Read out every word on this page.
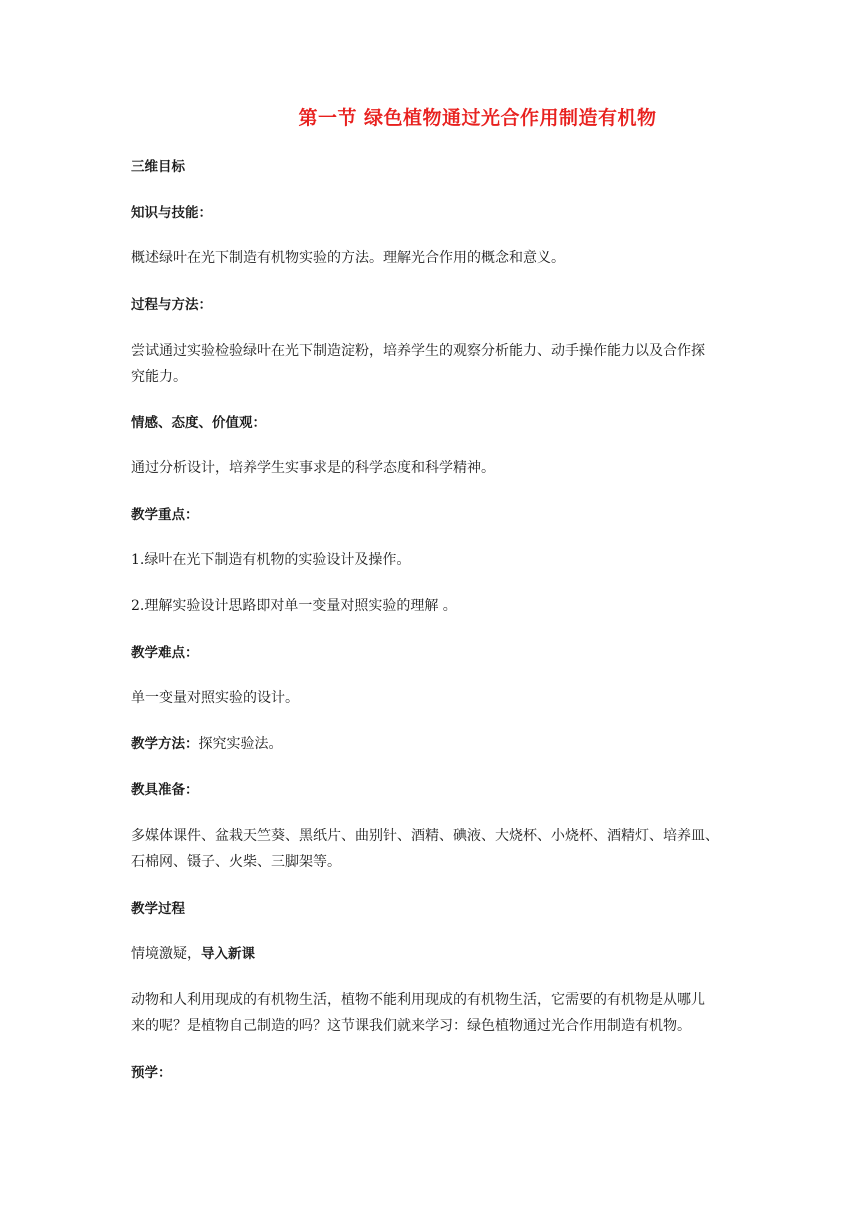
第一节 绿色植物通过光合作用制造有机物
三维目标
知识与技能：
概述绿叶在光下制造有机物实验的方法。理解光合作用的概念和意义。
过程与方法：
尝试通过实验检验绿叶在光下制造淀粉，培养学生的观察分析能力、动手操作能力以及合作探
究能力。
情感、态度、价值观：
通过分析设计，培养学生实事求是的科学态度和科学精神。
教学重点：
1.绿叶在光下制造有机物的实验设计及操作。
2.理解实验设计思路即对单一变量对照实验的理解 。
教学难点：
单一变量对照实验的设计。
教学方法：探究实验法。
教具准备：
多媒体课件、盆栽天竺葵、黑纸片、曲别针、酒精、碘液、大烧杯、小烧杯、酒精灯、培养皿、
石棉网、镊子、火柴、三脚架等。
教学过程
情境激疑，导入新课
动物和人利用现成的有机物生活，植物不能利用现成的有机物生活，它需要的有机物是从哪儿
来的呢？是植物自己制造的吗？这节课我们就来学习：绿色植物通过光合作用制造有机物。
预学：
